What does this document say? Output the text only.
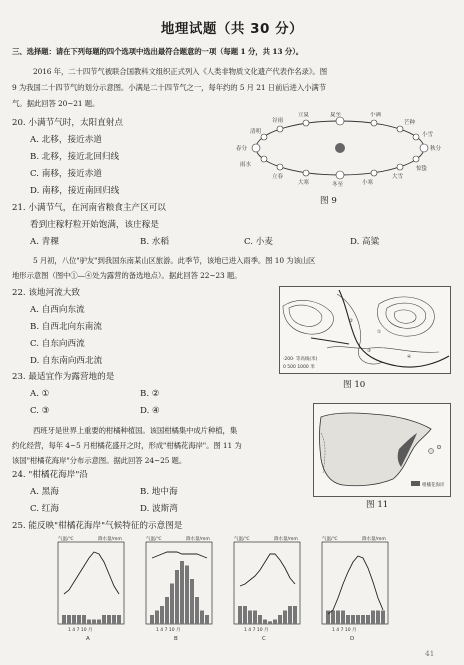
地理试题（共 30 分）
三、选择题：请在下列每题的四个选项中选出最符合题意的一项（每题 1 分，共 13 分）。
2016 年，二十四节气被联合国教科文组织正式列入《人类非物质文化遗产代表作名录》。图
9 为我国二十四节气的划分示意图。小满是二十四节气之一，每年约的 5 月 21 日前后进入小满节
气。据此回答 20~21 题。
20. 小满节气时，太阳直射点
A. 北移，接近赤道
B. 北移，接近北回归线
C. 南移，接近赤道
D. 南移，接近南回归线
春分
清明
谷雨
立夏	小满
芒种
夏至
秋分
冬至
立春
大寒	小寒
雨水
惊蛰
大雪
小雪
图 9
21. 小满节气，在河南省粮食主产区可以
看到庄稼籽粒开始饱满，该庄稼是
A. 青稞	B. 水稻	C. 小麦	D. 高粱
5 月初，八位"驴友"到我国东南某山区旅游。此季节，该地已进入雨季。图 10 为该山区
地形示意图（图中①—④处为露营的备选地点）。据此回答 22~23 题。
22. 该地河流大致
A. 自西向东流
B. 自西北向东南流
C. 自东向西流
D. 自东南向西北流
①
②
③
④
·200· 等高线(米)
0 500 1000 米
图 10
23. 最适宜作为露营地的是
A. ①	B. ②
C. ③	D. ④
西班牙是世界上重要的柑橘种植国。该国柑橘集中成片种植，集
约化经营，每年 4~5 月柑橘花盛开之时，形成"柑橘花海岸"。图 11 为
该国"柑橘花海岸"分布示意图。据此回答 24~25 题。
柑橘花海岸
图 11
24. "柑橘花海岸"沿
A. 黑海	B. 地中海
C. 红海	D. 波斯湾
25. 能反映"柑橘花海岸"气候特征的示意图是
气温/℃	降水量/mm
1 4 7 10 月
气温/℃	降水量/mm
1 4 7 10 月
气温/℃	降水量/mm
1 4 7 10 月
气温/℃	降水量/mm
1 4 7 10 月
A	B	C	D
41
